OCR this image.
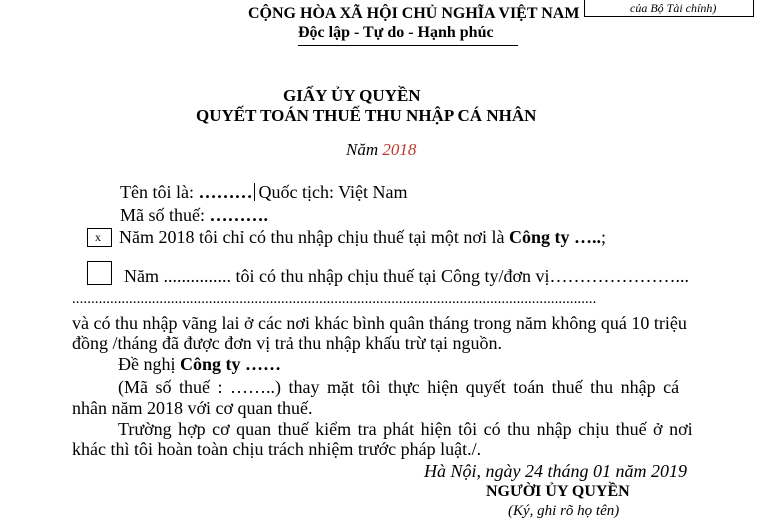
của Bộ Tài chính)
CỘNG HÒA XÃ HỘI CHỦ NGHĨA VIỆT NAM
Độc lập - Tự do - Hạnh phúc
GIẤY ỦY QUYỀN
QUYẾT TOÁN THUẾ THU NHẬP CÁ NHÂN
Năm 2018
Tên tôi là: ……… Quốc tịch: Việt Nam
Mã số thuế: ……….
x Năm 2018 tôi chỉ có thu nhập chịu thuế tại một nơi là Công ty …..;
Năm ............... tôi có thu nhập chịu thuế tại Công ty/đơn vị…………………...
..........................................................................................................................................
và có thu nhập vãng lai ở các nơi khác bình quân tháng trong năm không quá 10 triệu
đồng /tháng đã được đơn vị trả thu nhập khấu trừ tại nguồn.
Đề nghị Công ty ……
(Mã số thuế : ……..) thay mặt tôi thực hiện quyết toán thuế thu nhập cá
nhân năm 2018 với cơ quan thuế.
Trường hợp cơ quan thuế kiểm tra phát hiện tôi có thu nhập chịu thuế ở nơi
khác thì tôi hoàn toàn chịu trách nhiệm trước pháp luật./.
Hà Nội, ngày 24 tháng 01 năm 2019
NGƯỜI ỦY QUYỀN
(Ký, ghi rõ họ tên)
